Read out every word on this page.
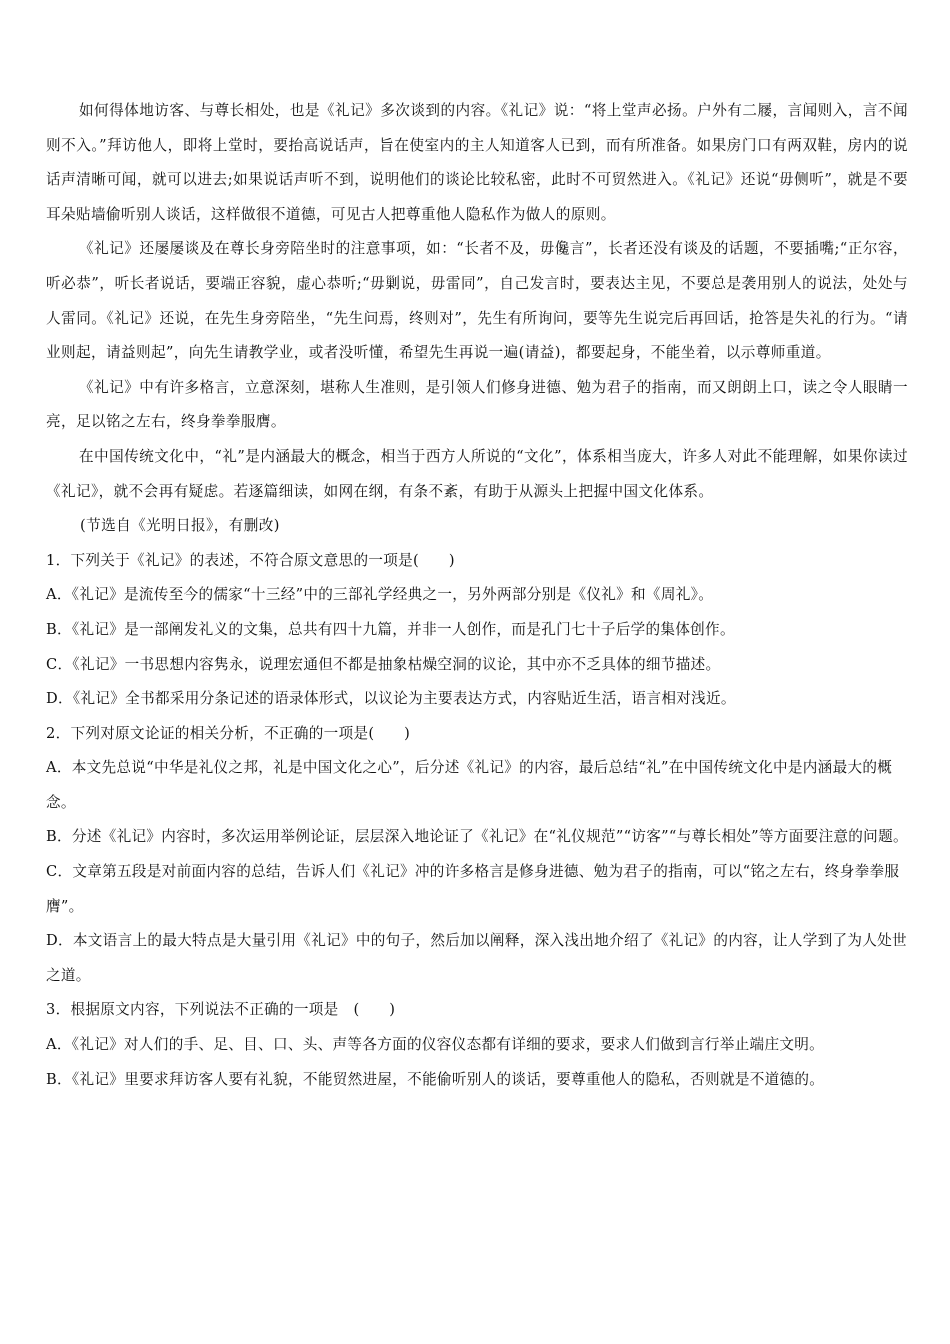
如何得体地访客、与尊长相处，也是《礼记》多次谈到的内容。《礼记》说：“将上堂声必扬。户外有二屦，言闻则入，言不闻则不入。”拜访他人，即将上堂时，要抬高说话声，旨在使室内的主人知道客人已到，而有所准备。如果房门口有两双鞋，房内的说话声清晰可闻，就可以进去;如果说话声听不到，说明他们的谈论比较私密，此时不可贸然进入。《礼记》还说“毋侧听”，就是不要耳朵贴墙偷听别人谈话，这样做很不道德，可见古人把尊重他人隐私作为做人的原则。

《礼记》还屡屡谈及在尊长身旁陪坐时的注意事项，如：“长者不及，毋儳言”，长者还没有谈及的话题，不要插嘴;“正尔容，听必恭”，听长者说话，要端正容貌，虚心恭听;“毋剿说，毋雷同”，自己发言时，要表达主见，不要总是袭用别人的说法，处处与人雷同。《礼记》还说，在先生身旁陪坐，“先生问焉，终则对”，先生有所询问，要等先生说完后再回话，抢答是失礼的行为。“请业则起，请益则起”，向先生请教学业，或者没听懂，希望先生再说一遍(请益)，都要起身，不能坐着，以示尊师重道。

《礼记》中有许多格言，立意深刻，堪称人生准则，是引领人们修身进德、勉为君子的指南，而又朗朗上口，读之令人眼睛一亮，足以铭之左右，终身拳拳服膺。

在中国传统文化中，“礼”是内涵最大的概念，相当于西方人所说的“文化”，体系相当庞大，许多人对此不能理解，如果你读过《礼记》，就不会再有疑虑。若逐篇细读，如网在纲，有条不紊，有助于从源头上把握中国文化体系。

(节选自《光明日报》，有删改)

1．下列关于《礼记》的表述，不符合原文意思的一项是(　　)

A．《礼记》是流传至今的儒家“十三经”中的三部礼学经典之一，另外两部分别是《仪礼》和《周礼》。

B．《礼记》是一部阐发礼义的文集，总共有四十九篇，并非一人创作，而是孔门七十子后学的集体创作。

C．《礼记》一书思想内容隽永，说理宏通但不都是抽象枯燥空洞的议论，其中亦不乏具体的细节描述。

D．《礼记》全书都采用分条记述的语录体形式，以议论为主要表达方式，内容贴近生活，语言相对浅近。

2．下列对原文论证的相关分析，不正确的一项是(　　)

A．本文先总说“中华是礼仪之邦，礼是中国文化之心”，后分述《礼记》的内容，最后总结“礼”在中国传统文化中是内涵最大的概念。

B．分述《礼记》内容时，多次运用举例论证，层层深入地论证了《礼记》在“礼仪规范”“访客”“与尊长相处”等方面要注意的问题。

C．文章第五段是对前面内容的总结，告诉人们《礼记》冲的许多格言是修身进德、勉为君子的指南，可以“铭之左右，终身拳拳服膺”。

D．本文语言上的最大特点是大量引用《礼记》中的句子，然后加以阐释，深入浅出地介绍了《礼记》的内容，让人学到了为人处世之道。

3．根据原文内容，下列说法不正确的一项是　(　　)

A．《礼记》对人们的手、足、目、口、头、声等各方面的仪容仪态都有详细的要求，要求人们做到言行举止端庄文明。

B．《礼记》里要求拜访客人要有礼貌，不能贸然进屋，不能偷听别人的谈话，要尊重他人的隐私，否则就是不道德的。
